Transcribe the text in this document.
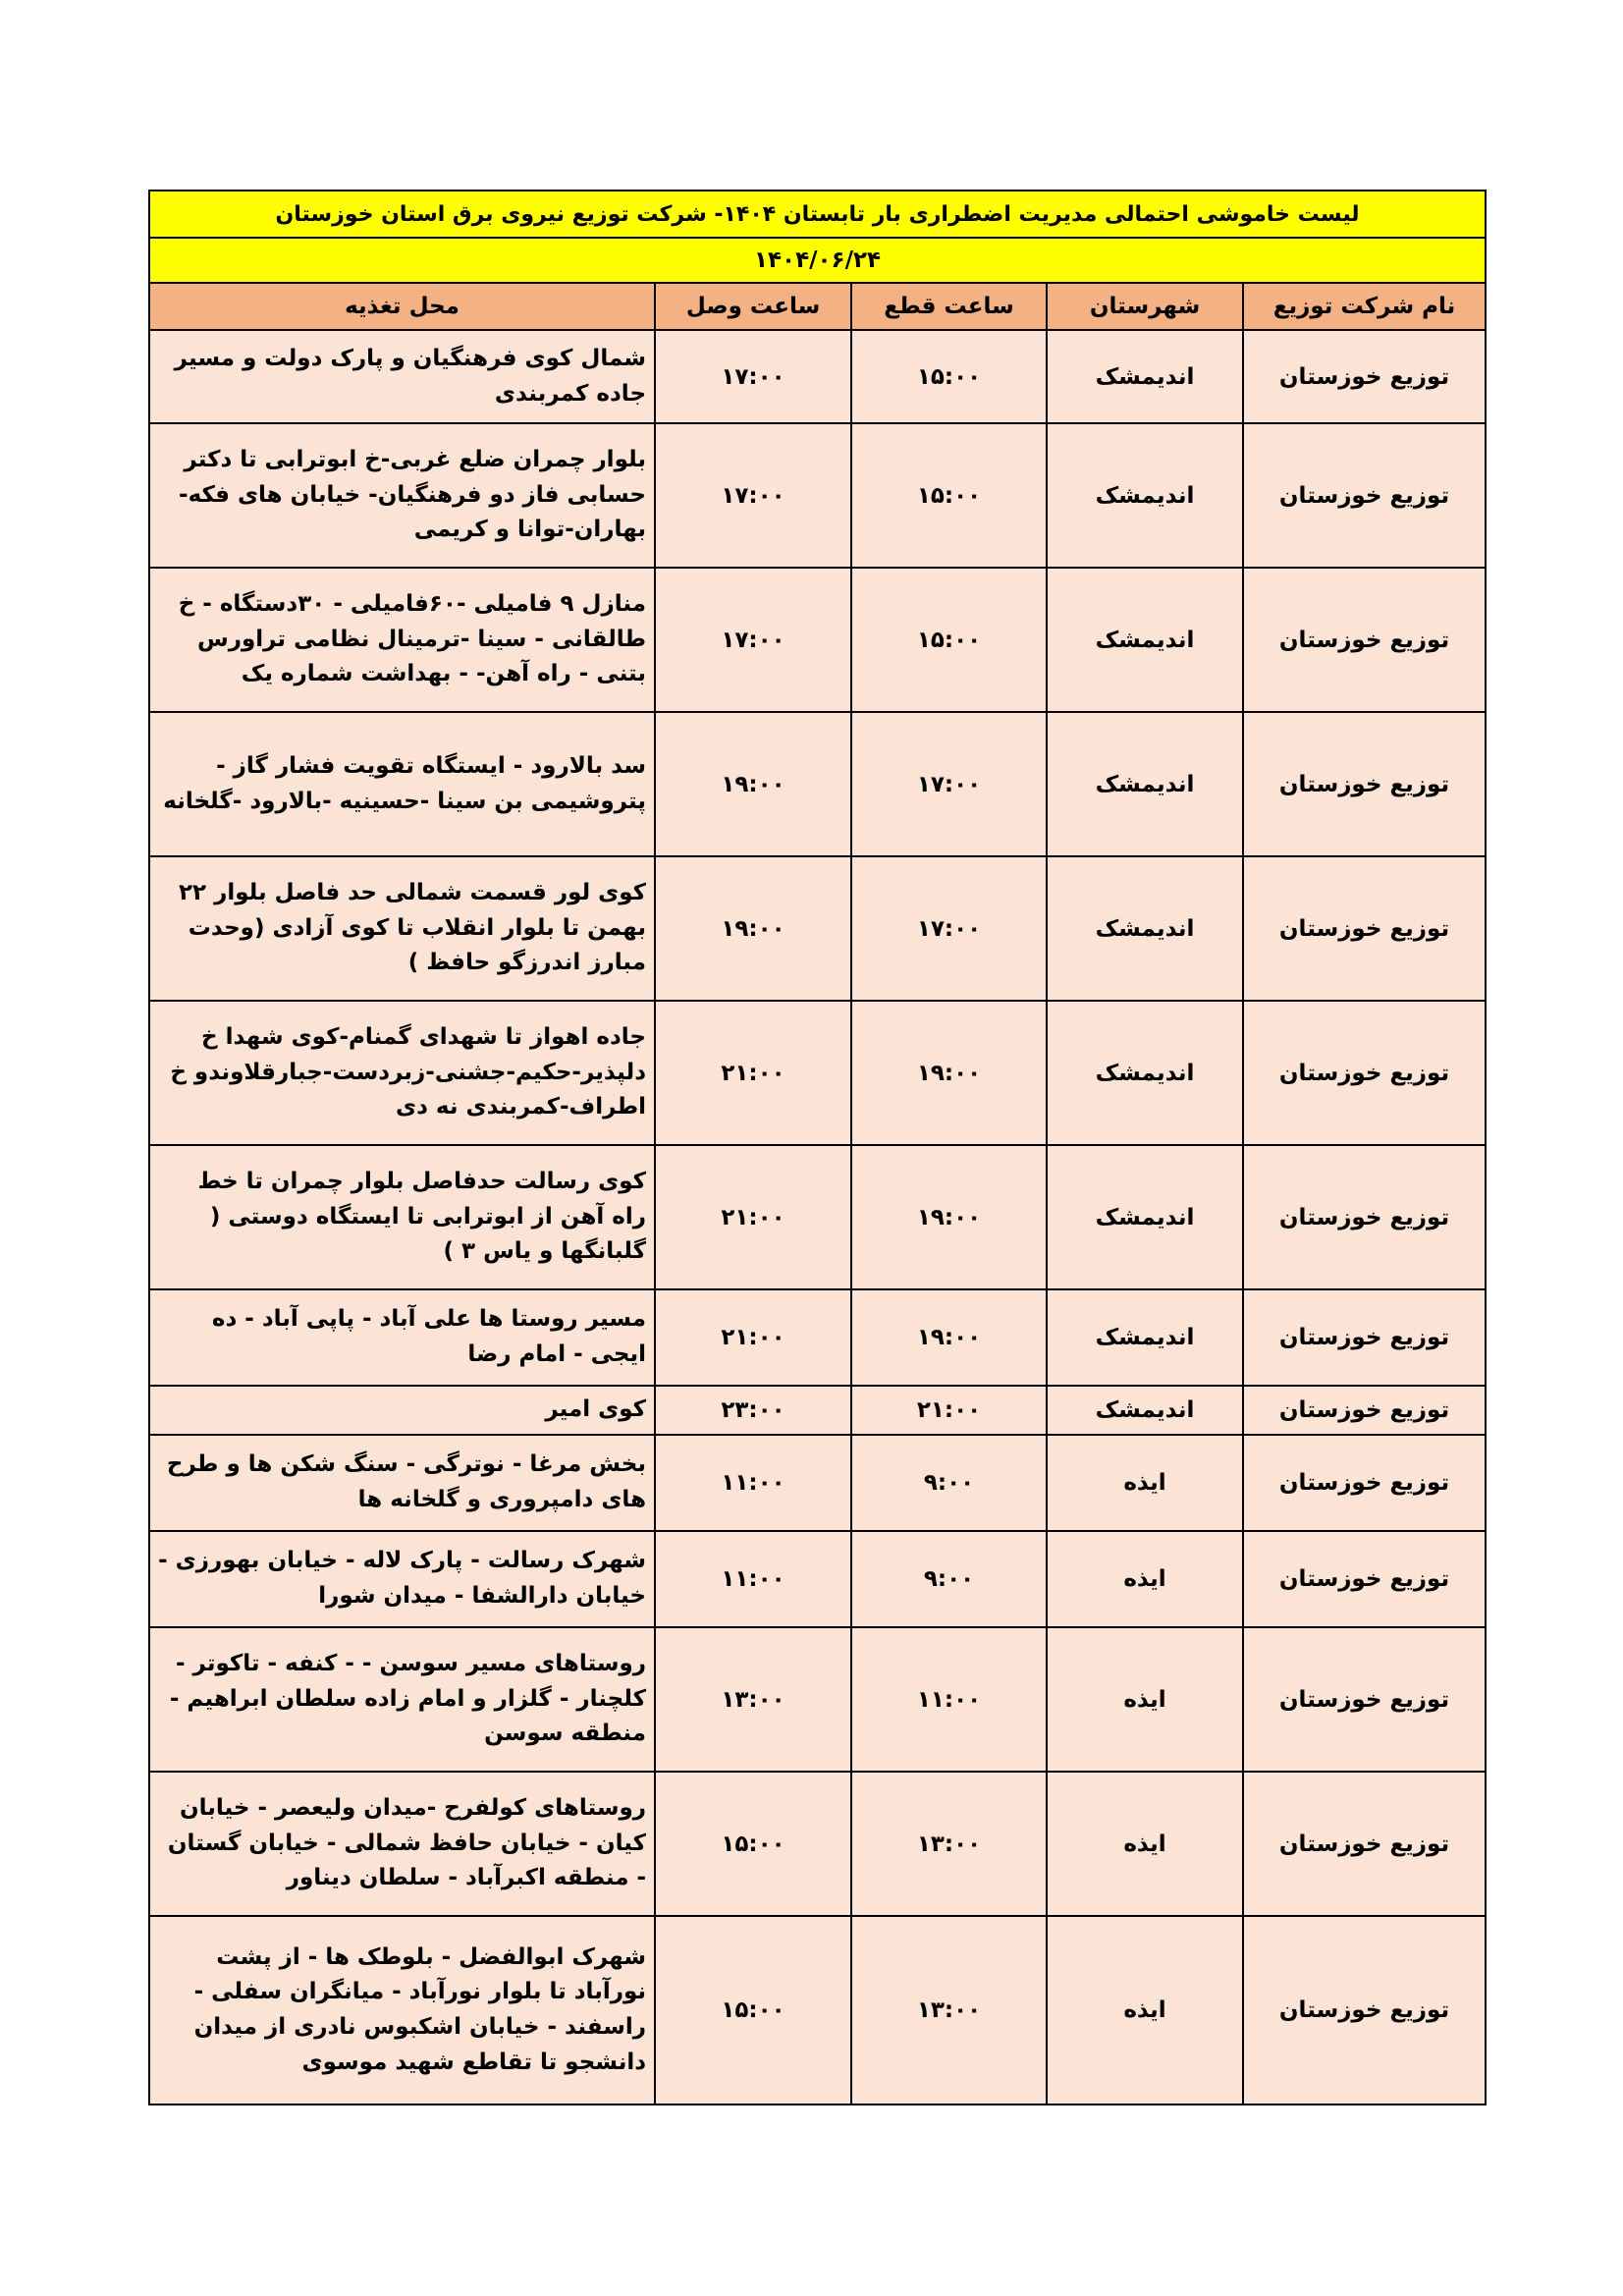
لیست خاموشی احتمالی مدیریت اضطراری بار تابستان ۱۴۰۴- شرکت توزیع نیروی برق استان خوزستان				
۱۴۰۴/۰۶/۲۴				
نام شرکت توزیع	شهرستان	ساعت قطع	ساعت وصل	محل تغذیه
توزیع خوزستان	اندیمشک	۱۵:۰۰	۱۷:۰۰	شمال کوی فرهنگیان و پارک دولت و مسیر جاده کمربندی
توزیع خوزستان	اندیمشک	۱۵:۰۰	۱۷:۰۰	بلوار چمران ضلع غربی-خ ابوترابی تا دکتر حسابی فاز دو فرهنگیان- خیابان های فکه- بهاران-توانا و کریمی
توزیع خوزستان	اندیمشک	۱۵:۰۰	۱۷:۰۰	منازل ۹ فامیلی -۶۰فامیلی - ۳۰دستگاه - خ طالقانی - سینا -ترمینال نظامی تراورس بتنی - راه آهن- - بهداشت شماره یک
توزیع خوزستان	اندیمشک	۱۷:۰۰	۱۹:۰۰	سد بالارود - ایستگاه تقویت فشار گاز - پتروشیمی بن سینا -حسینیه -بالارود -گلخانه
توزیع خوزستان	اندیمشک	۱۷:۰۰	۱۹:۰۰	کوی لور قسمت شمالی حد فاصل بلوار ۲۲ بهمن تا بلوار انقلاب تا کوی آزادی (وحدت مبارز اندرزگو حافظ )
توزیع خوزستان	اندیمشک	۱۹:۰۰	۲۱:۰۰	جاده اهواز تا شهدای گمنام-کوی شهدا خ دلپذیر-حکیم-جشنی-زبردست-جبارقلاوندو خ اطراف-کمربندی نه دی
توزیع خوزستان	اندیمشک	۱۹:۰۰	۲۱:۰۰	کوی رسالت حدفاصل بلوار چمران تا خط راه آهن از ابوترابی تا ایستگاه دوستی ( گلبانگها و یاس ۳ )
توزیع خوزستان	اندیمشک	۱۹:۰۰	۲۱:۰۰	مسیر روستا ها علی آباد - پاپی آباد - ده ایجی - امام رضا
توزیع خوزستان	اندیمشک	۲۱:۰۰	۲۳:۰۰	کوی امیر
توزیع خوزستان	ایذه	۹:۰۰	۱۱:۰۰	بخش مرغا - نوترگی - سنگ شکن ها و طرح های دامپروری و گلخانه ها
توزیع خوزستان	ایذه	۹:۰۰	۱۱:۰۰	شهرک رسالت - پارک لاله - خیابان بهورزی - خیابان دارالشفا - میدان شورا
توزیع خوزستان	ایذه	۱۱:۰۰	۱۳:۰۰	روستاهای مسیر سوسن - - کنفه - تاکوتر - کلچنار - گلزار و امام زاده سلطان ابراهیم - منطقه سوسن
توزیع خوزستان	ایذه	۱۳:۰۰	۱۵:۰۰	روستاهای کولفرح -میدان ولیعصر - خیابان کیان - خیابان حافظ شمالی - خیابان گستان - منطقه اکبرآباد - سلطان دیناور
توزیع خوزستان	ایذه	۱۳:۰۰	۱۵:۰۰	شهرک ابوالفضل - بلوطک ها - از پشت نورآباد تا بلوار نورآباد - میانگران سفلی - راسفند - خیابان اشکبوس نادری از میدان دانشجو تا تقاطع شهید موسوی
